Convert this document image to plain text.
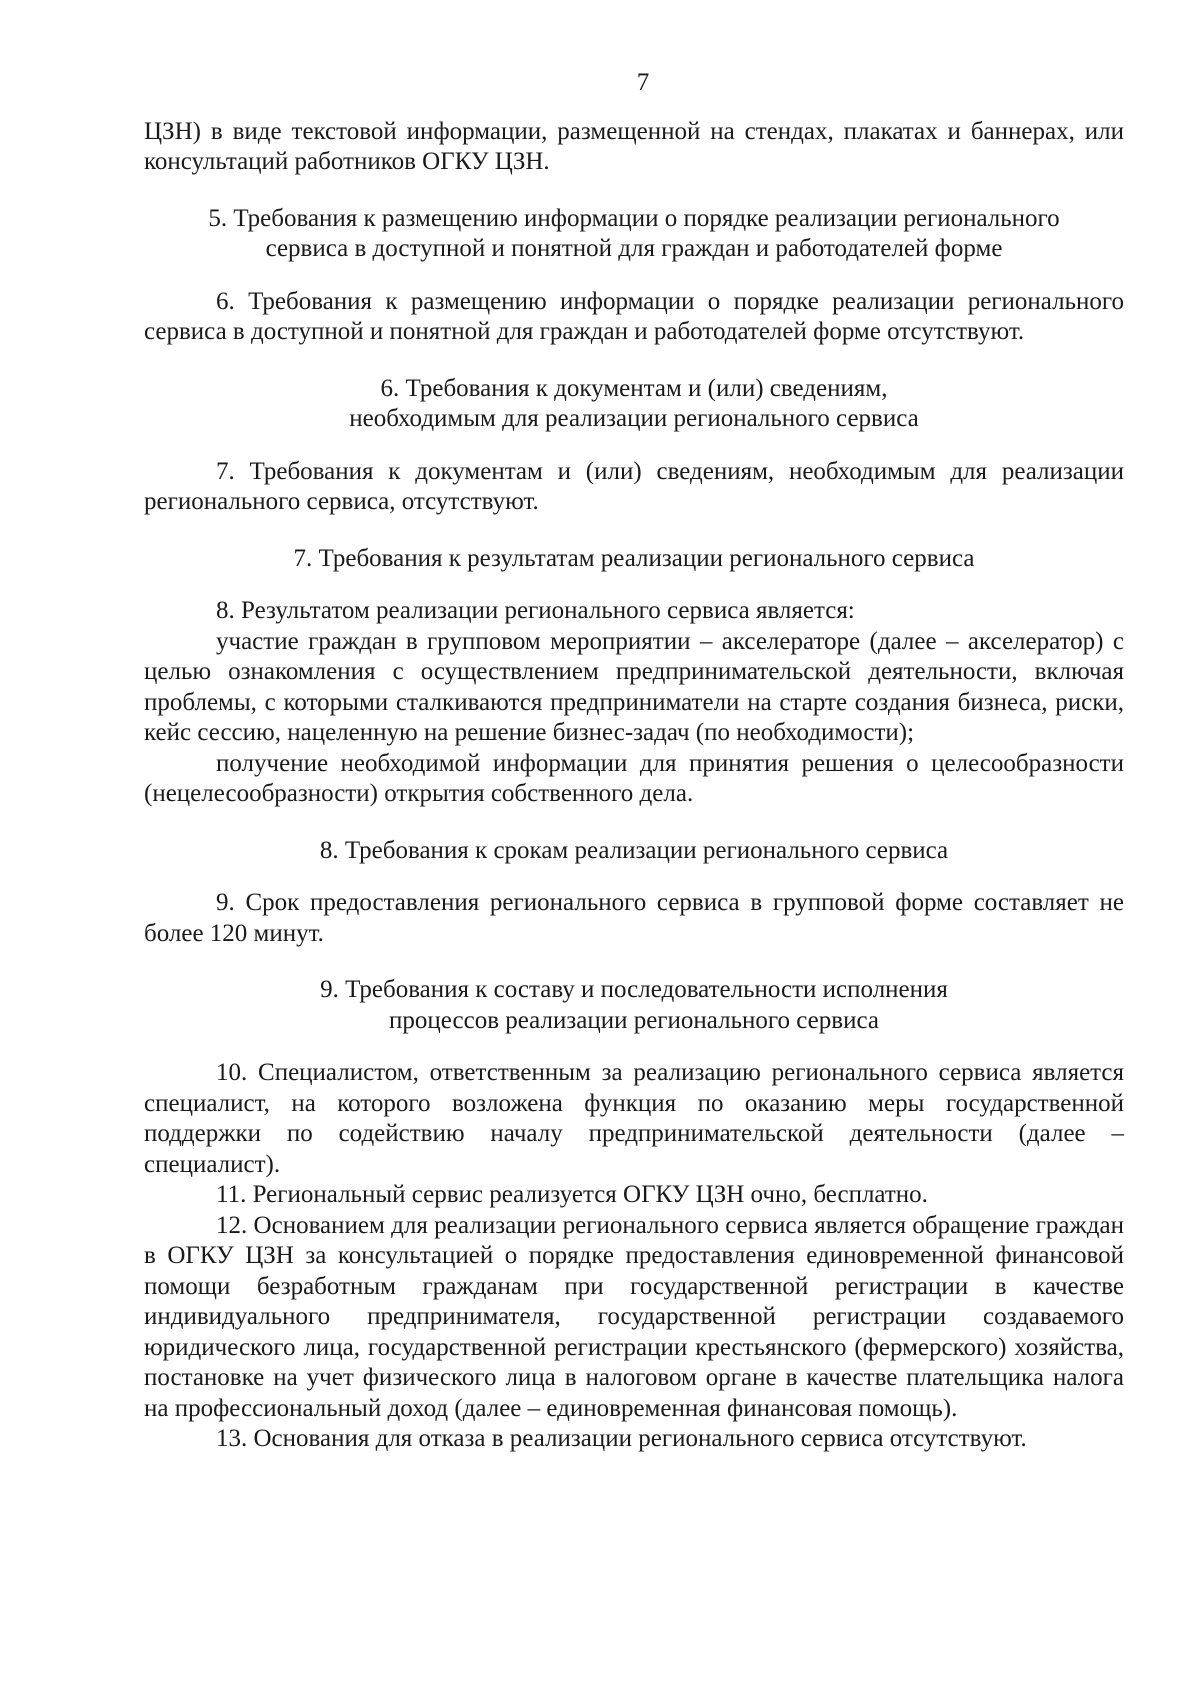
7

ЦЗН) в виде текстовой информации, размещенной на стендах, плакатах и баннерах, или консультаций работников ОГКУ ЦЗН.

5. Требования к размещению информации о порядке реализации регионального
сервиса в доступной и понятной для граждан и работодателей форме

6. Требования к размещению информации о порядке реализации регионального сервиса в доступной и понятной для граждан и работодателей форме отсутствуют.

6. Требования к документам и (или) сведениям,
необходимым для реализации регионального сервиса

7. Требования к документам и (или) сведениям, необходимым для реализации регионального сервиса, отсутствуют.

7. Требования к результатам реализации регионального сервиса

8. Результатом реализации регионального сервиса является:

участие граждан в групповом мероприятии – акселераторе (далее – акселератор) с целью ознакомления с осуществлением предпринимательской деятельности, включая проблемы, с которыми сталкиваются предприниматели на старте создания бизнеса, риски, кейс сессию, нацеленную на решение бизнес-задач (по необходимости);

получение необходимой информации для принятия решения о целесообразности (нецелесообразности) открытия собственного дела.

8. Требования к срокам реализации регионального сервиса

9. Срок предоставления регионального сервиса в групповой форме составляет не более 120 минут.

9. Требования к составу и последовательности исполнения
процессов реализации регионального сервиса

10. Специалистом, ответственным за реализацию регионального сервиса является специалист, на которого возложена функция по оказанию меры государственной поддержки по содействию началу предпринимательской деятельности (далее – специалист).

11. Региональный сервис реализуется ОГКУ ЦЗН очно, бесплатно.

12. Основанием для реализации регионального сервиса является обращение граждан в ОГКУ ЦЗН за консультацией о порядке предоставления единовременной финансовой помощи безработным гражданам при государственной регистрации в качестве индивидуального предпринимателя, государственной регистрации создаваемого юридического лица, государственной регистрации крестьянского (фермерского) хозяйства, постановке на учет физического лица в налоговом органе в качестве плательщика налога на профессиональный доход (далее – единовременная финансовая помощь).

13. Основания для отказа в реализации регионального сервиса отсутствуют.
